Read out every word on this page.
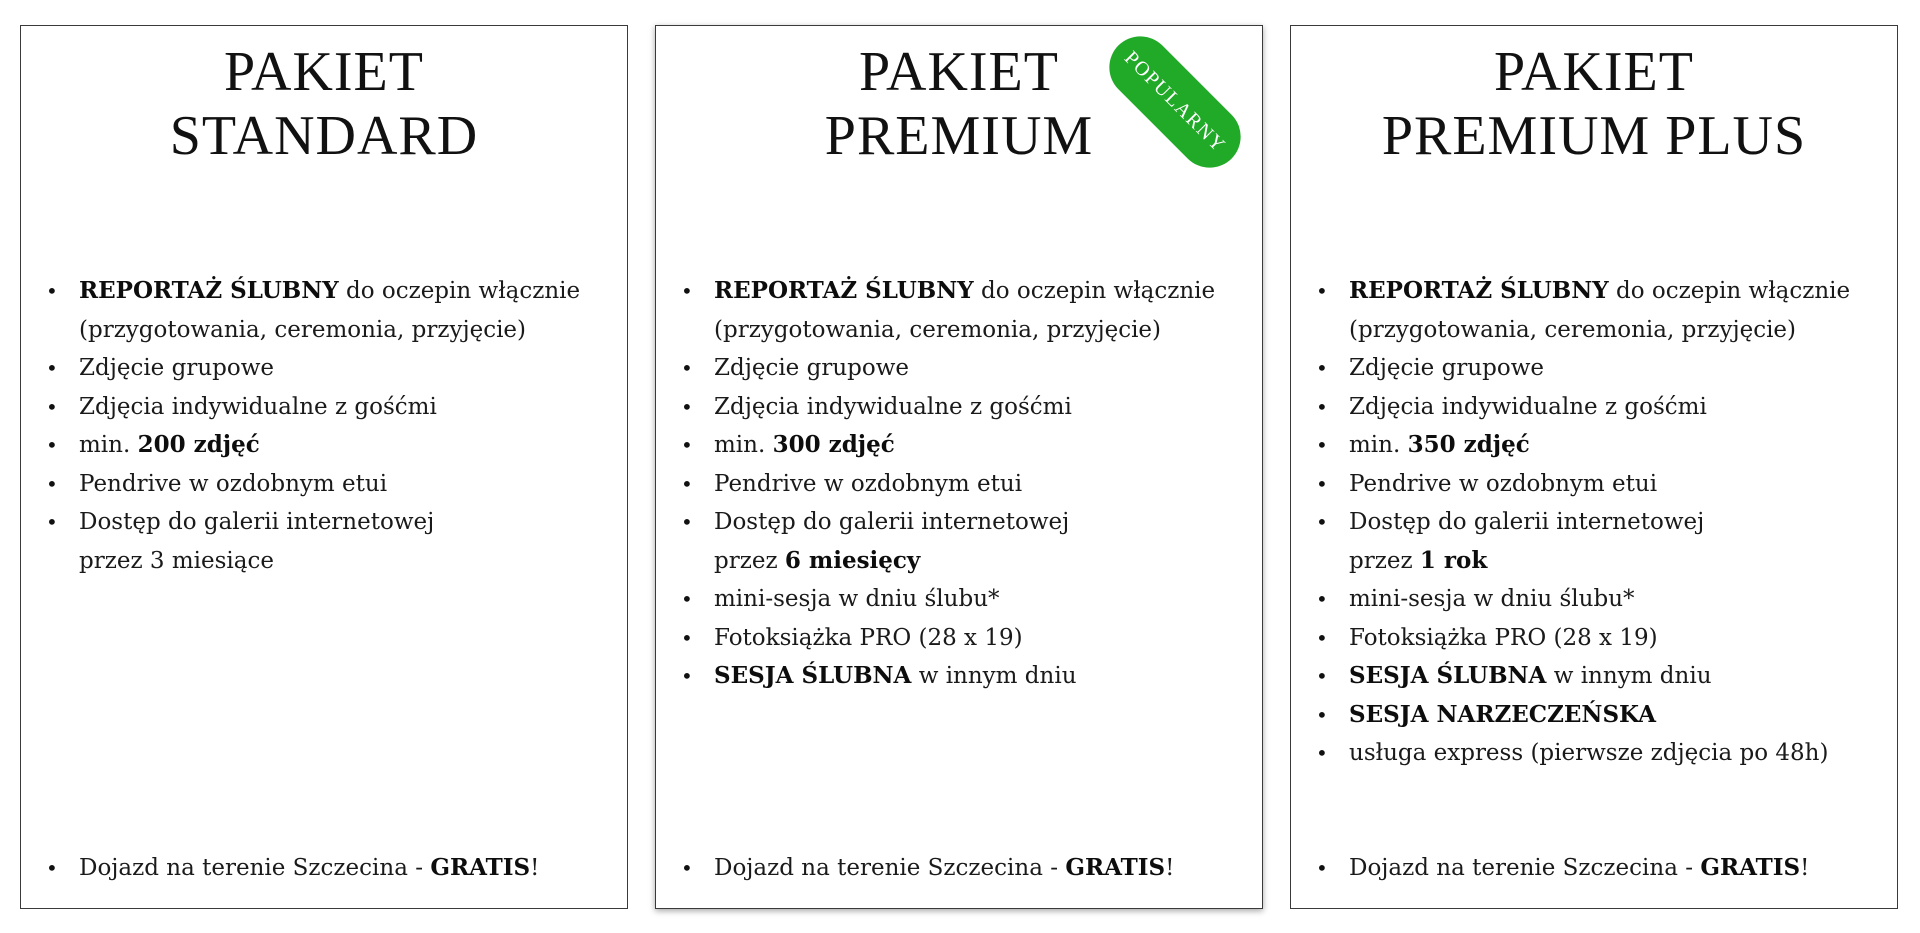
PAKIET
STANDARD
• REPORTAŻ ŚLUBNY do oczepin włącznie
(przygotowania, ceremonia, przyjęcie)
• Zdjęcie grupowe
• Zdjęcia indywidualne z gośćmi
• min. 200 zdjęć
• Pendrive w ozdobnym etui
• Dostęp do galerii internetowej
przez 3 miesiące
• Dojazd na terenie Szczecina - GRATIS!
PAKIET
PREMIUM
• REPORTAŻ ŚLUBNY do oczepin włącznie
(przygotowania, ceremonia, przyjęcie)
• Zdjęcie grupowe
• Zdjęcia indywidualne z gośćmi
• min. 300 zdjęć
• Pendrive w ozdobnym etui
• Dostęp do galerii internetowej
przez 6 miesięcy
• mini-sesja w dniu ślubu*
• Fotoksiążka PRO (28 x 19)
• SESJA ŚLUBNA w innym dniu
• Dojazd na terenie Szczecina - GRATIS!
PAKIET
PREMIUM PLUS
• REPORTAŻ ŚLUBNY do oczepin włącznie
(przygotowania, ceremonia, przyjęcie)
• Zdjęcie grupowe
• Zdjęcia indywidualne z gośćmi
• min. 350 zdjęć
• Pendrive w ozdobnym etui
• Dostęp do galerii internetowej
przez 1 rok
• mini-sesja w dniu ślubu*
• Fotoksiążka PRO (28 x 19)
• SESJA ŚLUBNA w innym dniu
• SESJA NARZECZEŃSKA
• usługa express (pierwsze zdjęcia po 48h)
• Dojazd na terenie Szczecina - GRATIS!
POPULARNY
